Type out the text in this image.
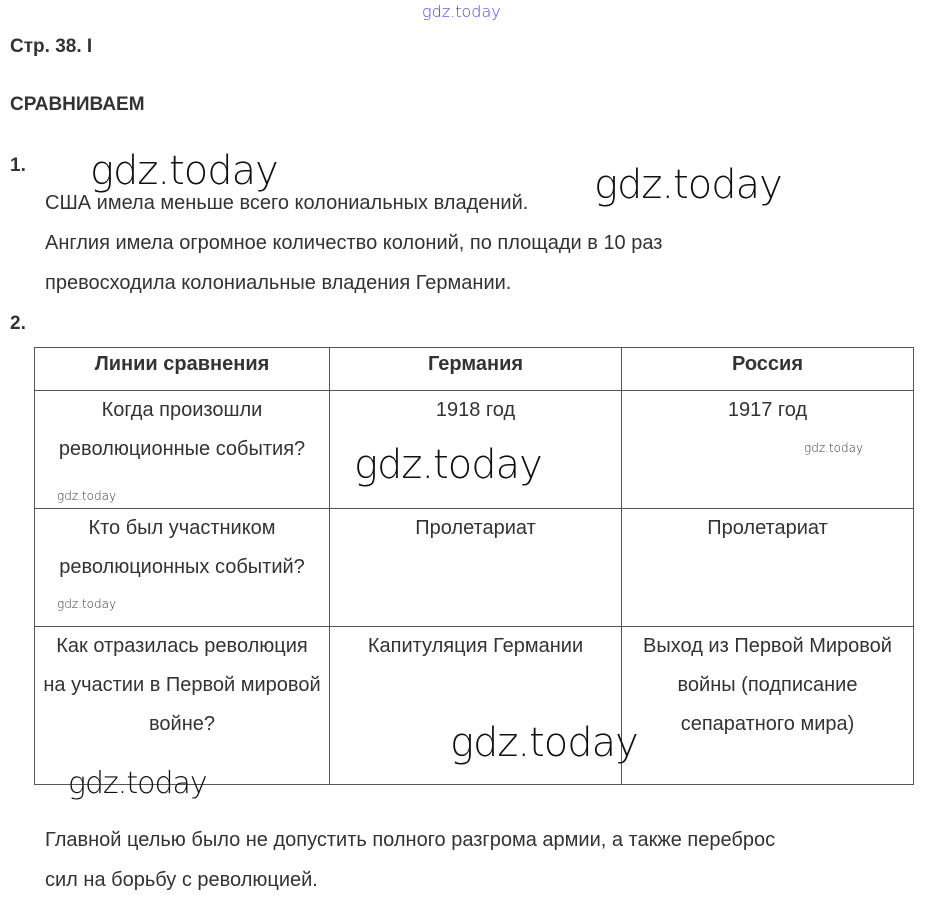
gdz.today
Стр. 38. I
СРАВНИВАЕМ
1.
США имела меньше всего колониальных владений.
Англия имела огромное количество колоний, по площади в 10 раз
превосходила колониальные владения Германии.
2.
Линии сравнения	Германия	Россия
Когда произошли революционные события?	1918 год	1917 год
Кто был участником революционных событий?	Пролетариат	Пролетариат
Как отразилась революция на участии в Первой мировой войне?	Капитуляция Германии	Выход из Первой Мировой войны (подписание сепаратного мира)
Главной целью было не допустить полного разгрома армии, а также переброс
сил на борьбу с революцией.
gdz.today	gdz.today
gdz.today
gdz.today
gdz.today
gdz.today
gdz.today
gdz.today
